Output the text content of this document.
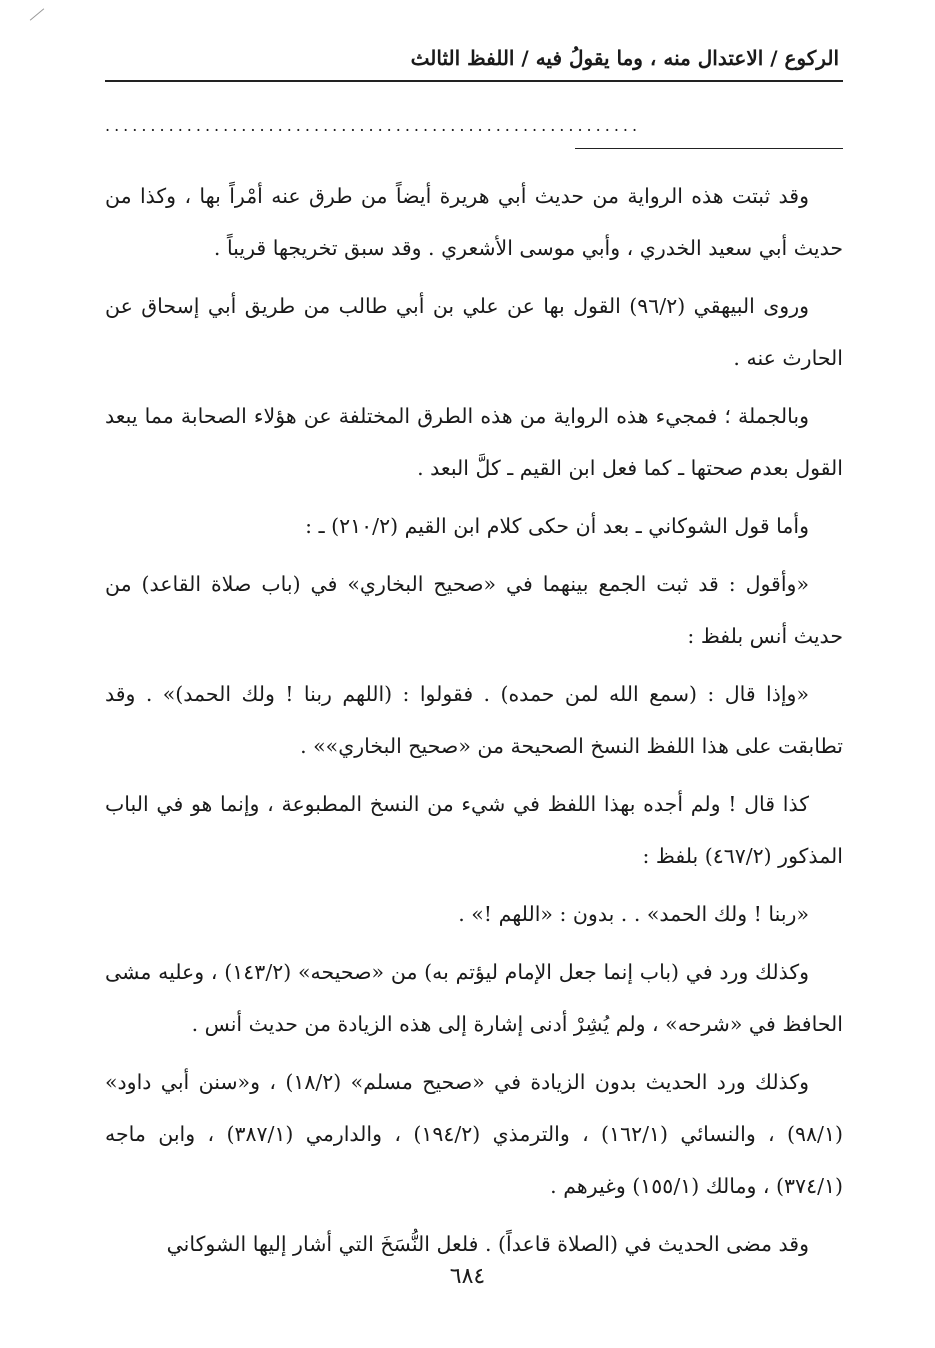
الركوع / الاعتدال منه ، وما يقولُ فيه / اللفظ الثالث
...........................................................

وقد ثبتت هذه الرواية من حديث أبي هريرة أيضاً من طرق عنه أمْراً بها ، وكذا من حديث أبي سعيد الخدري ، وأبي موسى الأشعري . وقد سبق تخريجها قريباً .

وروى البيهقي (٩٦/٢) القول بها عن علي بن أبي طالب من طريق أبي إسحاق عن الحارث عنه .

وبالجملة ؛ فمجيء هذه الرواية من هذه الطرق المختلفة عن هؤلاء الصحابة مما يبعد القول بعدم صحتها ـ كما فعل ابن القيم ـ كلَّ البعد .

وأما قول الشوكاني ـ بعد أن حكى كلام ابن القيم (٢١٠/٢) ـ :

«وأقول : قد ثبت الجمع بينهما في «صحيح البخاري» في (باب صلاة القاعد) من حديث أنس بلفظ :

«وإذا قال : (سمع الله لمن حمده) . فقولوا : (اللهم ربنا ! ولك الحمد)» . وقد تطابقت على هذا اللفظ النسخ الصحيحة من «صحيح البخاري»» .

كذا قال ! ولم أجده بهذا اللفظ في شيء من النسخ المطبوعة ، وإنما هو في الباب المذكور (٤٦٧/٢) بلفظ :

«ربنا ! ولك الحمد» . . بدون : «اللهم !» .

وكذلك ورد في (باب إنما جعل الإمام ليؤتم به) من «صحيحه» (١٤٣/٢) ، وعليه مشى الحافظ في «شرحه» ، ولم يُشِرْ أدنى إشارة إلى هذه الزيادة من حديث أنس .

وكذلك ورد الحديث بدون الزيادة في «صحيح مسلم» (١٨/٢) ، و«سنن أبي داود» (٩٨/١) ، والنسائي (١٦٢/١) ، والترمذي (١٩٤/٢) ، والدارمي (٣٨٧/١) ، وابن ماجه (٣٧٤/١) ، ومالك (١٥٥/١) وغيرهم .

وقد مضى الحديث في (الصلاة قاعداً) . فلعل النُّسَخَ التي أشار إليها الشوكاني

٦٨٤
